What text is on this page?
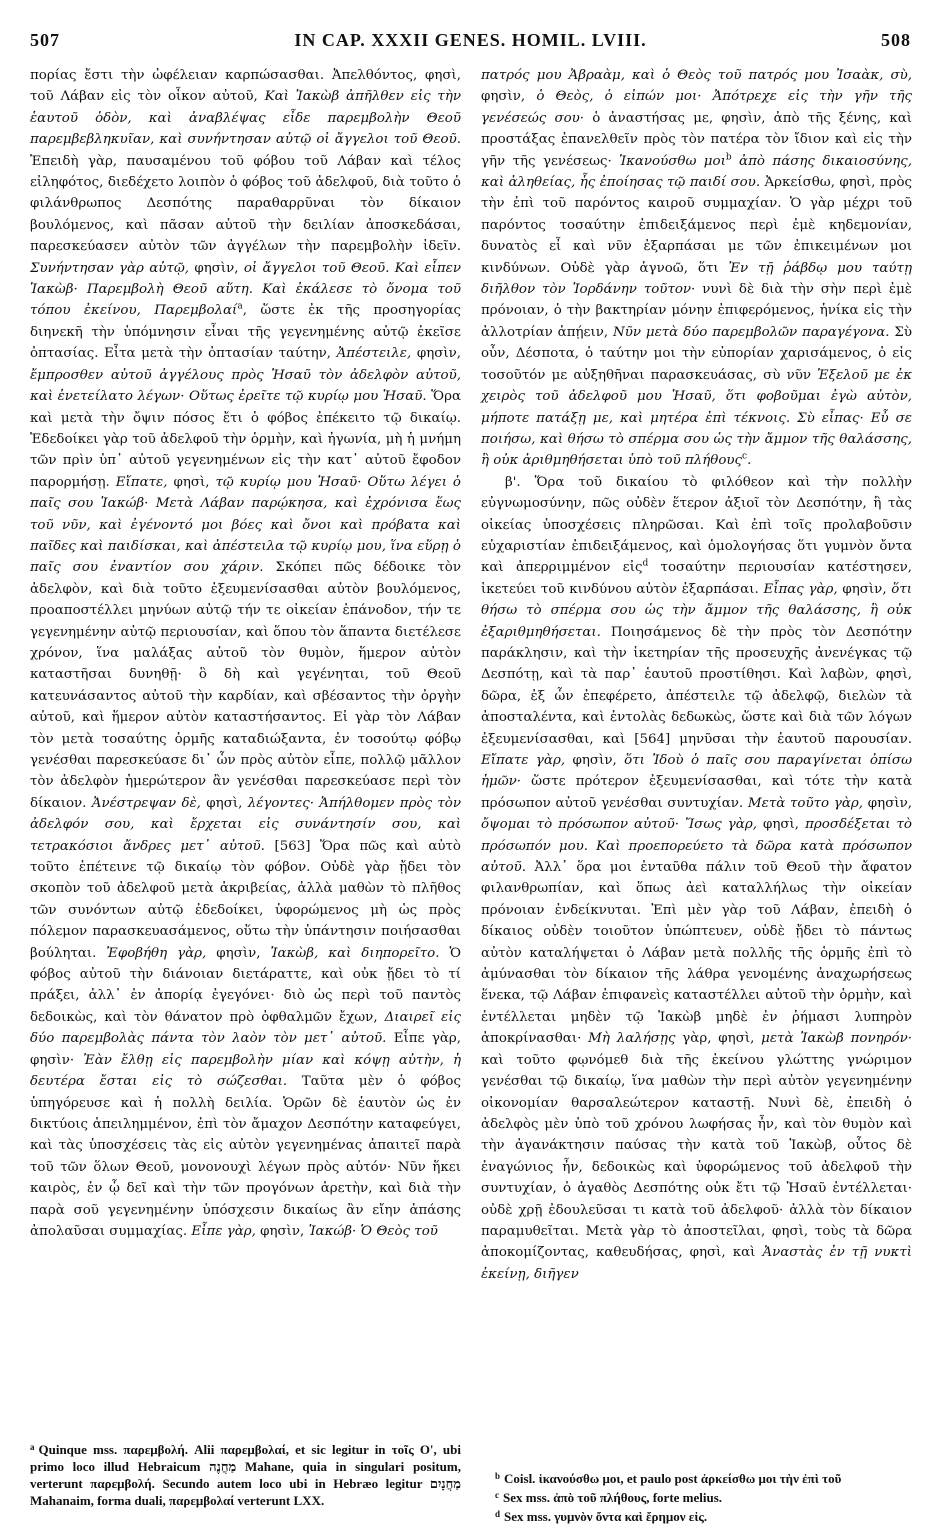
507	IN CAP. XXXII GENES. HOMIL. LVIII.	508

πορίας ἔστι τὴν ὠφέλειαν καρπώσασθαι. Ἀπελθόντος, φησὶ, τοῦ Λάβαν εἰς τὸν οἶκον αὐτοῦ, Καὶ Ἰακὼβ ἀπῆλθεν εἰς τὴν ἑαυτοῦ ὁδὸν, καὶ ἀναβλέψας εἶδε παρεμβολὴν Θεοῦ παρεμβεβληκυῖαν, καὶ συνήντησαν αὐτῷ οἱ ἄγγελοι τοῦ Θεοῦ. Ἐπειδὴ γὰρ, παυσαμένου τοῦ φόβου τοῦ Λάβαν καὶ τέλος εἰληφότος, διεδέχετο λοιπὸν ὁ φόβος τοῦ ἀδελφοῦ, διὰ τοῦτο ὁ φιλάνθρωπος Δεσπότης παραθαρρῦναι τὸν δίκαιον βουλόμενος, καὶ πᾶσαν αὐτοῦ τὴν δειλίαν ἀποσκεδάσαι, παρεσκεύασεν αὐτὸν τῶν ἀγγέλων τὴν παρεμβολὴν ἰδεῖν. Συνήντησαν γὰρ αὐτῷ, φησὶν, οἱ ἄγγελοι τοῦ Θεοῦ. Καὶ εἶπεν Ἰακὼβ· Παρεμβολὴ Θεοῦ αὕτη. Καὶ ἐκάλεσε τὸ ὄνομα τοῦ τόπου ἐκείνου, Παρεμβολαί$^a$, ὥστε ἐκ τῆς προσηγορίας διηνεκῆ τὴν ὑπόμνησιν εἶναι τῆς γεγενημένης αὐτῷ ἐκεῖσε ὀπτασίας. Εἶτα μετὰ τὴν ὀπτασίαν ταύτην, Ἀπέστειλε, φησὶν, ἔμπροσθεν αὐτοῦ ἀγγέλους πρὸς Ἡσαῦ τὸν ἀδελφὸν αὐτοῦ, καὶ ἐνετείλατο λέγων· Οὕτως ἐρεῖτε τῷ κυρίῳ μου Ἡσαῦ. Ὅρα καὶ μετὰ τὴν ὄψιν πόσος ἔτι ὁ φόβος ἐπέκειτο τῷ δικαίῳ. Ἐδεδοίκει γὰρ τοῦ ἀδελφοῦ τὴν ὁρμὴν, καὶ ἠγωνία, μὴ ἡ μνήμη τῶν πρὶν ὑπ᾽ αὐτοῦ γεγενημένων εἰς τὴν κατ᾽ αὐτοῦ ἔφοδον παρορμήσῃ. Εἴπατε, φησὶ, τῷ κυρίῳ μου Ἡσαῦ· Οὕτω λέγει ὁ παῖς σου Ἰακώβ· Μετὰ Λάβαν παρῴκησα, καὶ ἐχρόνισα ἕως τοῦ νῦν, καὶ ἐγένοντό μοι βόες καὶ ὄνοι καὶ πρόβατα καὶ παῖδες καὶ παιδίσκαι, καὶ ἀπέστειλα τῷ κυρίῳ μου, ἵνα εὕρῃ ὁ παῖς σου ἐναντίον σου χάριν. Σκόπει πῶς δέδοικε τὸν ἀδελφὸν, καὶ διὰ τοῦτο ἐξευμενίσασθαι αὐτὸν βουλόμενος, προαποστέλλει μηνύων αὐτῷ τήν τε οἰκείαν ἐπάνοδον, τήν τε γεγενημένην αὐτῷ περιουσίαν, καὶ ὅπου τὸν ἅπαντα διετέλεσε χρόνον, ἵνα μαλάξας αὐτοῦ τὸν θυμὸν, ἥμερον αὐτὸν καταστῆσαι δυνηθῇ· ὃ δὴ καὶ γεγένηται, τοῦ Θεοῦ κατευνάσαντος αὐτοῦ τὴν καρδίαν, καὶ σβέσαντος τὴν ὀργὴν αὐτοῦ, καὶ ἥμερον αὐτὸν καταστήσαντος. Εἰ γὰρ τὸν Λάβαν τὸν μετὰ τοσαύτης ὁρμῆς καταδιώξαντα, ἐν τοσούτῳ φόβῳ γενέσθαι παρεσκεύασε δι᾽ ὧν πρὸς αὐτὸν εἶπε, πολλῷ μᾶλλον τὸν ἀδελφὸν ἡμερώτερον ἂν γενέσθαι παρεσκεύασε περὶ τὸν δίκαιον. Ἀνέστρεψαν δὲ, φησὶ, λέγοντες· Ἀπήλθομεν πρὸς τὸν ἀδελφόν σου, καὶ ἔρχεται εἰς συνάντησίν σου, καὶ τετρακόσιοι ἄνδρες μετ᾽ αὐτοῦ. [563] Ὅρα πῶς καὶ αὐτὸ τοῦτο ἐπέτεινε τῷ δικαίῳ τὸν φόβον. Οὐδὲ γὰρ ᾔδει τὸν σκοπὸν τοῦ ἀδελφοῦ μετὰ ἀκριβείας, ἀλλὰ μαθὼν τὸ πλῆθος τῶν συνόντων αὐτῷ ἐδεδοίκει, ὑφορώμενος μὴ ὡς πρὸς πόλεμον παρασκευασάμενος, οὕτω τὴν ὑπάντησιν ποιήσασθαι βούληται. Ἐφοβήθη γὰρ, φησὶν, Ἰακὼβ, καὶ διηπορεῖτο. Ὁ φόβος αὐτοῦ τὴν διάνοιαν διετάραττε, καὶ οὐκ ᾔδει τὸ τί πράξει, ἀλλ᾽ ἐν ἀπορίᾳ ἐγεγόνει· διὸ ὡς περὶ τοῦ παντὸς δεδοικὼς, καὶ τὸν θάνατον πρὸ ὀφθαλμῶν ἔχων, Διαιρεῖ εἰς δύο παρεμβολὰς πάντα τὸν λαὸν τὸν μετ᾽ αὐτοῦ. Εἶπε γὰρ, φησὶν· Ἐὰν ἔλθῃ εἰς παρεμβολὴν μίαν καὶ κόψῃ αὐτὴν, ἡ δευτέρα ἔσται εἰς τὸ σώζεσθαι. Ταῦτα μὲν ὁ φόβος ὑπηγόρευσε καὶ ἡ πολλὴ δειλία. Ὁρῶν δὲ ἑαυτὸν ὡς ἐν δικτύοις ἀπειλημμένον, ἐπὶ τὸν ἄμαχον Δεσπότην καταφεύγει, καὶ τὰς ὑποσχέσεις τὰς εἰς αὐτὸν γεγενημένας ἀπαιτεῖ παρὰ τοῦ τῶν ὅλων Θεοῦ, μονονουχὶ λέγων πρὸς αὐτόν· Νῦν ἥκει καιρὸς, ἐν ᾧ δεῖ καὶ τὴν τῶν προγόνων ἀρετὴν, καὶ διὰ τὴν παρὰ σοῦ γεγενημένην ὑπόσχεσιν δικαίως ἂν εἴην ἀπάσης ἀπολαῦσαι συμμαχίας. Εἶπε γὰρ, φησὶν, Ἰακώβ· Ὁ Θεὸς τοῦ

πατρός μου Ἀβραὰμ, καὶ ὁ Θεὸς τοῦ πατρός μου Ἰσαὰκ, σὺ, φησὶν, ὁ Θεὸς, ὁ εἰπών μοι· Ἀπότρεχε εἰς τὴν γῆν τῆς γενέσεώς σου· ὁ ἀναστήσας με, φησὶν, ἀπὸ τῆς ξένης, καὶ προστάξας ἐπανελθεῖν πρὸς τὸν πατέρα τὸν ἴδιον καὶ εἰς τὴν γῆν τῆς γενέσεως· Ἱκανούσθω μοι$^b$ ἀπὸ πάσης δικαιοσύνης, καὶ ἀληθείας, ἧς ἐποίησας τῷ παιδί σου. Ἀρκείσθω, φησὶ, πρὸς τὴν ἐπὶ τοῦ παρόντος καιροῦ συμμαχίαν. Ὁ γὰρ μέχρι τοῦ παρόντος τοσαύτην ἐπιδειξάμενος περὶ ἐμὲ κηδεμονίαν, δυνατὸς εἶ καὶ νῦν ἐξαρπάσαι με τῶν ἐπικειμένων μοι κινδύνων. Οὐδὲ γὰρ ἀγνοῶ, ὅτι Ἐν τῇ ῥάβδῳ μου ταύτῃ διῆλθον τὸν Ἰορδάνην τοῦτον· νυνὶ δὲ διὰ τὴν σὴν περὶ ἐμὲ πρόνοιαν, ὁ τὴν βακτηρίαν μόνην ἐπιφερόμενος, ἡνίκα εἰς τὴν ἀλλοτρίαν ἀπῄειν, Νῦν μετὰ δύο παρεμβολῶν παραγέγονα. Σὺ οὖν, Δέσποτα, ὁ ταύτην μοι τὴν εὐπορίαν χαρισάμενος, ὁ εἰς τοσοῦτόν με αὐξηθῆναι παρασκευάσας, σὺ νῦν Ἐξελοῦ με ἐκ χειρὸς τοῦ ἀδελφοῦ μου Ἡσαῦ, ὅτι φοβοῦμαι ἐγὼ αὐτὸν, μήποτε πατάξῃ με, καὶ μητέρα ἐπὶ τέκνοις. Σὺ εἶπας· Εὖ σε ποιήσω, καὶ θήσω τὸ σπέρμα σου ὡς τὴν ἄμμον τῆς θαλάσσης, ἣ οὐκ ἀριθμηθήσεται ὑπὸ τοῦ πλήθους$^c$.

β'. Ὅρα τοῦ δικαίου τὸ φιλόθεον καὶ τὴν πολλὴν εὐγνωμοσύνην, πῶς οὐδὲν ἕτερον ἀξιοῖ τὸν Δεσπότην, ἢ τὰς οἰκείας ὑποσχέσεις πληρῶσαι. Καὶ ἐπὶ τοῖς προλαβοῦσιν εὐχαριστίαν ἐπιδειξάμενος, καὶ ὁμολογήσας ὅτι γυμνὸν ὄντα καὶ ἀπερριμμένον εἰς$^d$ τοσαύτην περιουσίαν κατέστησεν, ἱκετεύει τοῦ κινδύνου αὐτὸν ἐξαρπάσαι. Εἶπας γὰρ, φησὶν, ὅτι θήσω τὸ σπέρμα σου ὡς τὴν ἄμμον τῆς θαλάσσης, ἣ οὐκ ἐξαριθμηθήσεται. Ποιησάμενος δὲ τὴν πρὸς τὸν Δεσπότην παράκλησιν, καὶ τὴν ἱκετηρίαν τῆς προσευχῆς ἀνενέγκας τῷ Δεσπότῃ, καὶ τὰ παρ᾽ ἑαυτοῦ προστίθησι. Καὶ λαβὼν, φησὶ, δῶρα, ἐξ ὧν ἐπεφέρετο, ἀπέστειλε τῷ ἀδελφῷ, διελὼν τὰ ἀποσταλέντα, καὶ ἐντολὰς δεδωκὼς, ὥστε καὶ διὰ τῶν λόγων ἐξευμενίσασθαι, καὶ [564] μηνῦσαι τὴν ἑαυτοῦ παρουσίαν. Εἴπατε γὰρ, φησὶν, ὅτι Ἰδοὺ ὁ παῖς σου παραγίνεται ὀπίσω ἡμῶν· ὥστε πρότερον ἐξευμενίσασθαι, καὶ τότε τὴν κατὰ πρόσωπον αὐτοῦ γενέσθαι συντυχίαν. Μετὰ τοῦτο γὰρ, φησὶν, ὄψομαι τὸ πρόσωπον αὐτοῦ· Ἴσως γὰρ, φησὶ, προσδέξεται τὸ πρόσωπόν μου. Καὶ προεπορεύετο τὰ δῶρα κατὰ πρόσωπον αὐτοῦ. Ἀλλ᾽ ὅρα μοι ἐνταῦθα πάλιν τοῦ Θεοῦ τὴν ἄφατον φιλανθρωπίαν, καὶ ὅπως ἀεὶ καταλλήλως τὴν οἰκείαν πρόνοιαν ἐνδείκνυται. Ἐπὶ μὲν γὰρ τοῦ Λάβαν, ἐπειδὴ ὁ δίκαιος οὐδὲν τοιοῦτον ὑπώπτευεν, οὐδὲ ᾔδει τὸ πάντως αὐτὸν καταλήψεται ὁ Λάβαν μετὰ πολλῆς τῆς ὁρμῆς ἐπὶ τὸ ἀμύνασθαι τὸν δίκαιον τῆς λάθρα γενομένης ἀναχωρήσεως ἕνεκα, τῷ Λάβαν ἐπιφανεὶς καταστέλλει αὐτοῦ τὴν ὁρμὴν, καὶ ἐντέλλεται μηδὲν τῷ Ἰακὼβ μηδὲ ἐν ῥήμασι λυπηρὸν ἀποκρίνασθαι· Μὴ λαλήσῃς γὰρ, φησὶ, μετὰ Ἰακὼβ πονηρόν· καὶ τοῦτο φῳνόμεθ διὰ τῆς ἐκείνου γλώττης γνώριμον γενέσθαι τῷ δικαίῳ, ἵνα μαθὼν τὴν περὶ αὐτὸν γεγενημένην οἰκονομίαν θαρσαλεώτερον καταστῇ. Νυνὶ δὲ, ἐπειδὴ ὁ ἀδελφὸς μὲν ὑπὸ τοῦ χρόνου λωφήσας ἦν, καὶ τὸν θυμὸν καὶ τὴν ἀγανάκτησιν παύσας τὴν κατὰ τοῦ Ἰακὼβ, οὗτος δὲ ἐναγώνιος ἦν, δεδοικὼς καὶ ὑφορώμενος τοῦ ἀδελφοῦ τὴν συντυχίαν, ὁ ἀγαθὸς Δεσπότης οὐκ ἔτι τῷ Ἡσαῦ ἐντέλλεται· οὐδὲ χρῇ ἐδουλεῦσαι τι κατὰ τοῦ ἀδελφοῦ· ἀλλὰ τὸν δίκαιον παραμυθεῖται. Μετὰ γὰρ τὸ ἀποστεῖλαι, φησὶ, τοὺς τὰ δῶρα ἀποκομίζοντας, καθευδήσας, φησὶ, καὶ Ἀναστὰς ἐν τῇ νυκτὶ ἐκείνῃ, διῆγεν

$^a$ Quinque mss. παρεμβολή. Alii παρεμβολαί, et sic legitur in τοῖς Ο', ubi primo loco illud Hebraicum מַחֲנֶה Mahane, quia in singulari positum, verterunt παρεμβολή. Secundo autem loco ubi in Hebræo legitur מַחֲנָיִם Mahanaim, forma duali, παρεμβολαί verterunt LXX.

$^b$ Coisl. ἱκανούσθω μοι, et paulo post ἀρκείσθω μοι τὴν ἐπὶ τοῦ

$^c$ Sex mss. ἀπὸ τοῦ πλήθους, forte melius.

$^d$ Sex mss. γυμνὸν ὄντα καὶ ἔρημον εἰς.
